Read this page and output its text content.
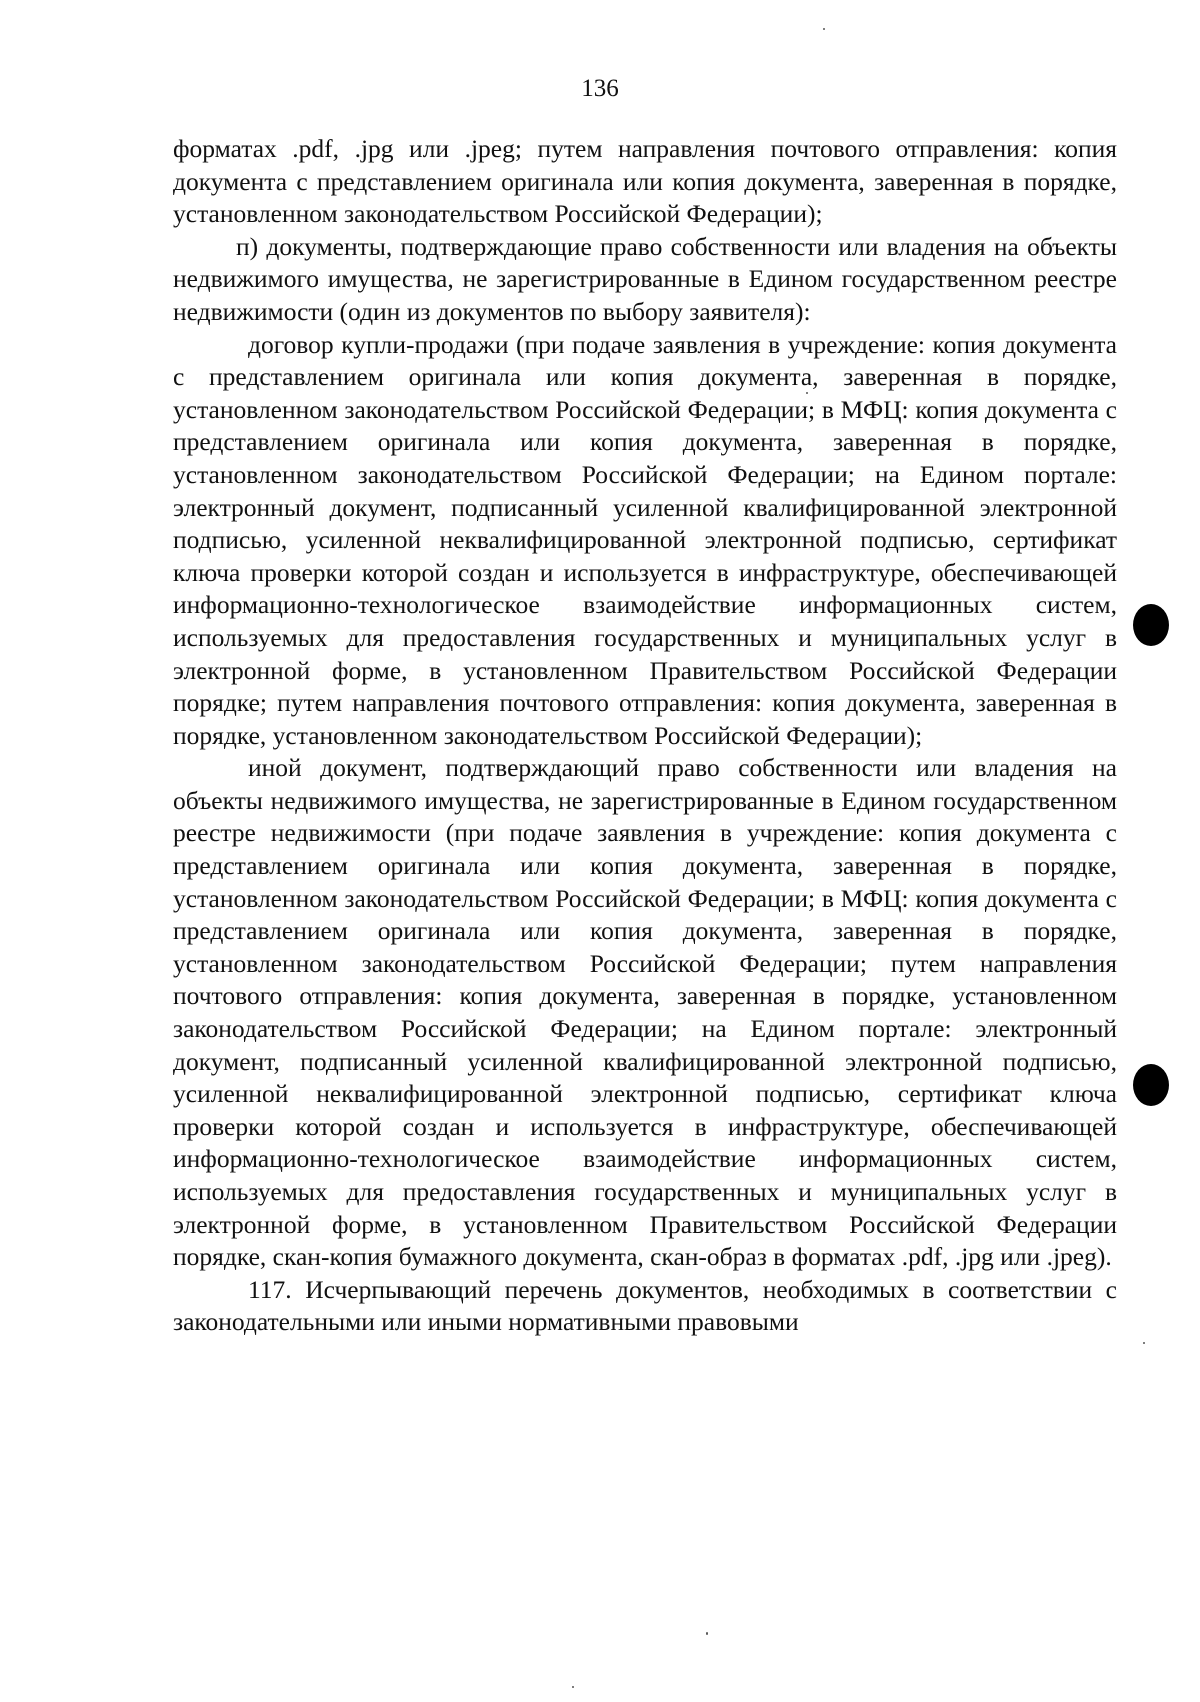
136

форматах .pdf, .jpg или .jpeg; путем направления почтового отправления: копия документа с представлением оригинала или копия документа, заверенная в порядке, установленном законодательством Российской Федерации);

п) документы, подтверждающие право собственности или владения на объекты недвижимого имущества, не зарегистрированные в Едином государственном реестре недвижимости (один из документов по выбору заявителя):

договор купли-продажи (при подаче заявления в учреждение: копия документа с представлением оригинала или копия документа, заверенная в порядке, установленном законодательством Российской Федерации; в МФЦ: копия документа с представлением оригинала или копия документа, заверенная в порядке, установленном законодательством Российской Федерации; на Едином портале: электронный документ, подписанный усиленной квалифицированной электронной подписью, усиленной неквалифицированной электронной подписью, сертификат ключа проверки которой создан и используется в инфраструктуре, обеспечивающей информационно-технологическое взаимодействие информационных систем, используемых для предоставления государственных и муниципальных услуг в электронной форме, в установленном Правительством Российской Федерации порядке; путем направления почтового отправления: копия документа, заверенная в порядке, установленном законодательством Российской Федерации);

иной документ, подтверждающий право собственности или владения на объекты недвижимого имущества, не зарегистрированные в Едином государственном реестре недвижимости (при подаче заявления в учреждение: копия документа с представлением оригинала или копия документа, заверенная в порядке, установленном законодательством Российской Федерации; в МФЦ: копия документа с представлением оригинала или копия документа, заверенная в порядке, установленном законодательством Российской Федерации; путем направления почтового отправления: копия документа, заверенная в порядке, установленном законодательством Российской Федерации; на Едином портале: электронный документ, подписанный усиленной квалифицированной электронной подписью, усиленной неквалифицированной электронной подписью, сертификат ключа проверки которой создан и используется в инфраструктуре, обеспечивающей информационно-технологическое взаимодействие информационных систем, используемых для предоставления государственных и муниципальных услуг в электронной форме, в установленном Правительством Российской Федерации порядке, скан-копия бумажного документа, скан-образ в форматах .pdf, .jpg или .jpeg).

117. Исчерпывающий перечень документов, необходимых в соответствии с законодательными или иными нормативными правовыми
